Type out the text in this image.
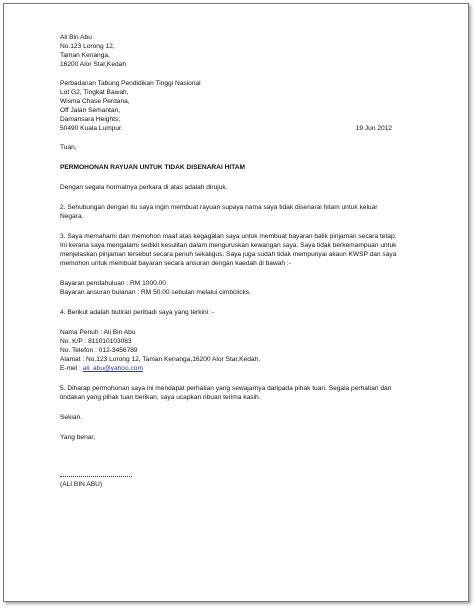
Ali Bin Abu
No.123 Lorong 12,
Taman Kenanga,
16200 Alor Star,Kedah
Perbadanan Tabung Pendidikan Tinggi Nasional
Lot G2, Tingkat Bawah,
Wisma Chase Perdana,
Off Jalan Semantan,
Damansara Heights,
50490 Kuala Lumpur.	19 Jun 2012

Tuan,

PERMOHONAN RAYUAN UNTUK TIDAK DISENARAI HITAM

Dengan segala hormatnya perkara di atas adalah dirujuk.

2. Sehubungan dengan itu saya ingin membuat rayuan supaya nama saya tidak disenarai hitam untuk keluar Negara.

3. Saya memahami dan memohon maaf atas kegagalan saya untuk membuat bayaran balik pinjaman secara tetap. Ini kerana saya mengalami sedikit kesulitan dalam menguruskan kewangan saya. Saya tidak berkemampuan untuk menjelaskan pinjaman tersebut secara penuh sekaligus. Saya juga sudah tidak mempunyai akaun KWSP dan saya memohon untuk membuat bayaran secara ansuran dengan kaedah di bawah :-

Bayaran pendahuluan : RM 1000.00
Bayaran ansuran bulanan : RM 50.00 sebulan melalui cimbclicks.

4. Berikut adalah butiran peribadi saya yang terkini :-

Nama Penuh : Ali Bin Abu
No. K/P : 811010103083
No. Telefon : 012-3456789
Alamat : No.123 Lorong 12, Taman Kenanga,16200 Alor Star,Kedah.
E-mel : ali_abu@yahoo.com

5. Diharap permohonan saya ini mendapat perhatian yang sewajarnya daripada pihak tuan. Segala perhatian dan tindakan yang pihak tuan berikan, saya ucapkan ribuan terima kasih.

Sekian.

Yang benar,
(ALI BIN ABU)
